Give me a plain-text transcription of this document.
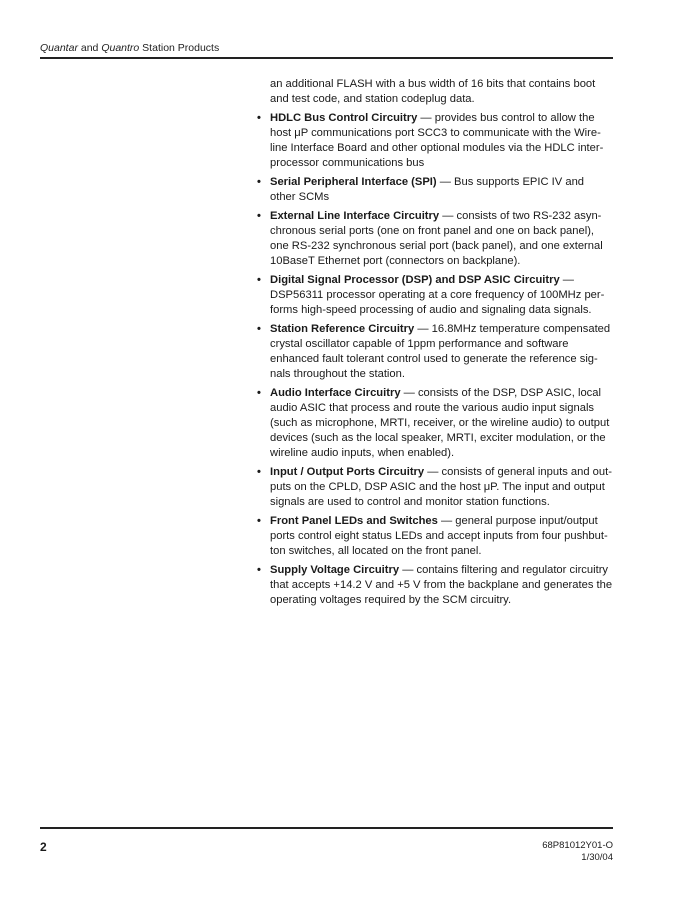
Quantar and Quantro Station Products

an additional FLASH with a bus width of 16 bits that contains boot
and test code, and station codeplug data.

• HDLC Bus Control Circuitry — provides bus control to allow the
host μP communications port SCC3 to communicate with the Wire-
line Interface Board and other optional modules via the HDLC inter-
processor communications bus
• Serial Peripheral Interface (SPI) — Bus supports EPIC IV and
other SCMs
• External Line Interface Circuitry — consists of two RS-232 asyn-
chronous serial ports (one on front panel and one on back panel),
one RS-232 synchronous serial port (back panel), and one external
10BaseT Ethernet port (connectors on backplane).
• Digital Signal Processor (DSP) and DSP ASIC Circuitry —
DSP56311 processor operating at a core frequency of 100MHz per-
forms high-speed processing of audio and signaling data signals.
• Station Reference Circuitry — 16.8MHz temperature compensated
crystal oscillator capable of 1ppm performance and software
enhanced fault tolerant control used to generate the reference sig-
nals throughout the station.
• Audio Interface Circuitry — consists of the DSP, DSP ASIC, local
audio ASIC that process and route the various audio input signals
(such as microphone, MRTI, receiver, or the wireline audio) to output
devices (such as the local speaker, MRTI, exciter modulation, or the
wireline audio inputs, when enabled).
• Input / Output Ports Circuitry — consists of general inputs and out-
puts on the CPLD, DSP ASIC and the host μP. The input and output
signals are used to control and monitor station functions.
• Front Panel LEDs and Switches — general purpose input/output
ports control eight status LEDs and accept inputs from four pushbut-
ton switches, all located on the front panel.
• Supply Voltage Circuitry — contains filtering and regulator circuitry
that accepts +14.2 V and +5 V from the backplane and generates the
operating voltages required by the SCM circuitry.
2	68P81012Y01-O
1/30/04
